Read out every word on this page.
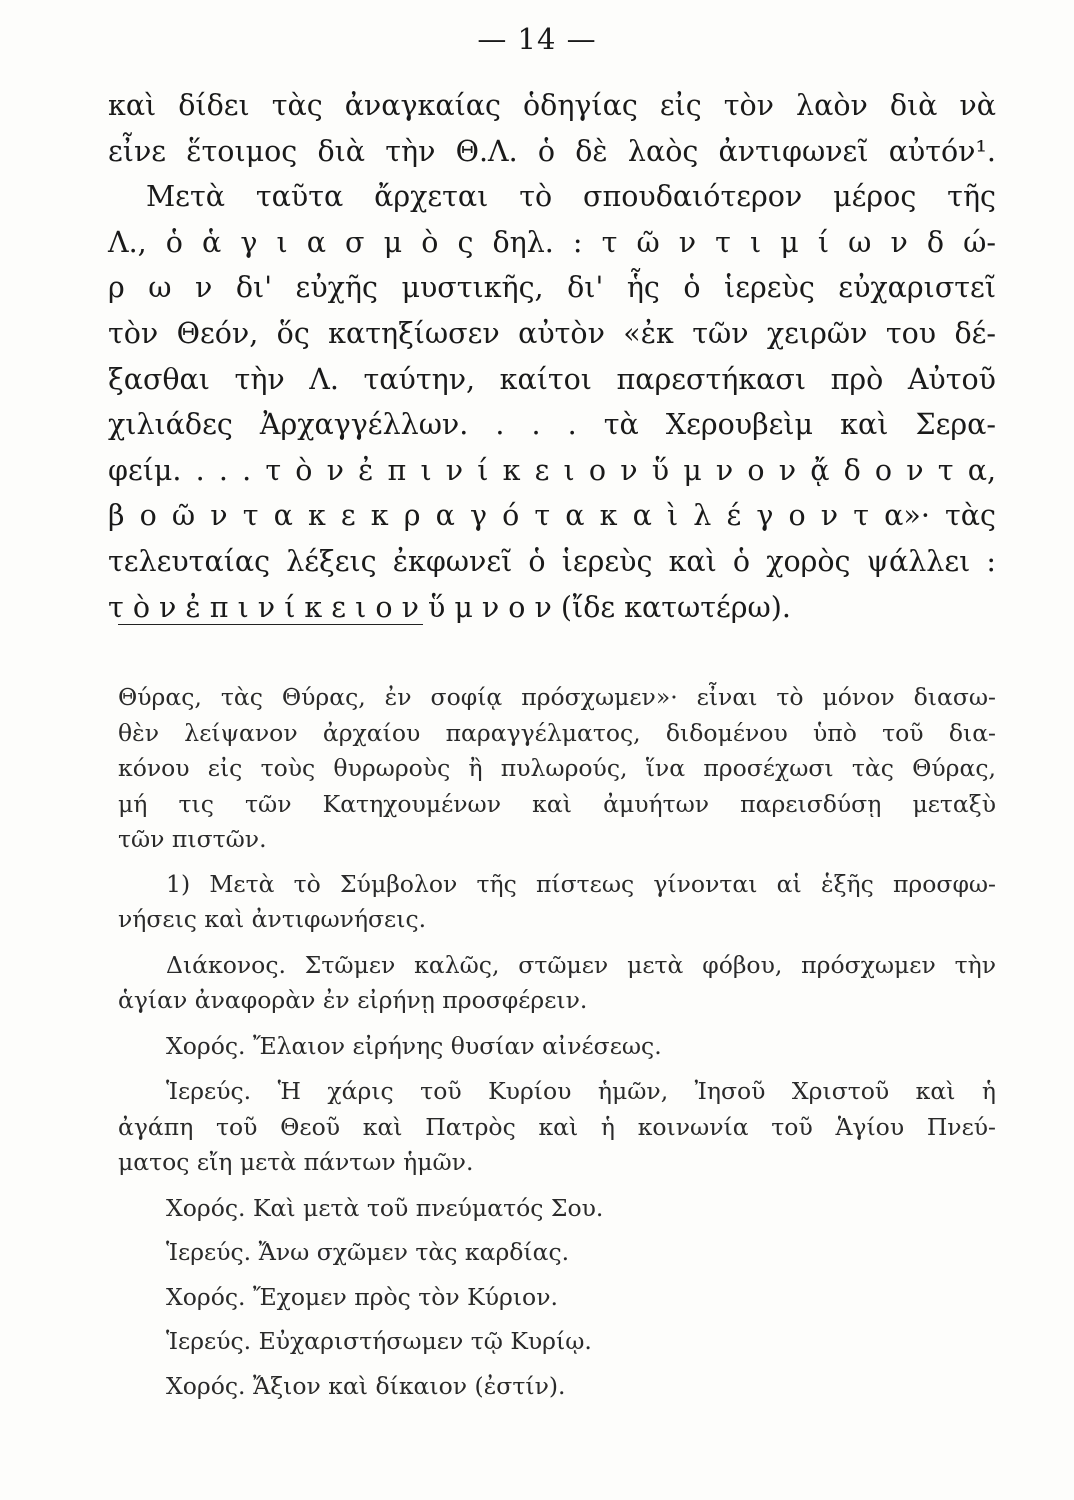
— 14 —
καὶ δίδει τὰς ἀναγκαίας ὁδηγίας εἰς τὸν λαὸν διὰ νὰ
εἶνε ἕτοιμος διὰ τὴν Θ.Λ. ὁ δὲ λαὸς ἀντιφωνεῖ αὐτόν¹.
Μετὰ ταῦτα ἄρχεται τὸ σπουδαιότερον μέρος τῆς
Λ., ὁ ἁ γ ι α σ μ ὸ ς δηλ. : τ ῶ ν τ ι μ ί ω ν δ ώ-
ρ ω ν δι' εὐχῆς μυστικῆς, δι' ἧς ὁ ἱερεὺς εὐχαριστεῖ
τὸν Θεόν, ὅς κατηξίωσεν αὐτὸν «ἐκ τῶν χειρῶν του δέ-
ξασθαι τὴν Λ. ταύτην, καίτοι παρεστήκασι πρὸ Αὐτοῦ
χιλιάδες Ἀρχαγγέλλων. . . . τὰ Χερουβεὶμ καὶ Σερα-
φείμ. . . . τ ὸ ν ἐ π ι ν ί κ ε ι ο ν ὕ μ ν ο ν ᾄ δ ο ν τ α,
β ο ῶ ν τ α κ ε κ ρ α γ ό τ α κ α ὶ λ έ γ ο ν τ α»· τὰς
τελευταίας λέξεις ἐκφωνεῖ ὁ ἱερεὺς καὶ ὁ χορὸς ψάλλει :
τ ὸ ν ἐ π ι ν ί κ ε ι ο ν ὕ μ ν ο ν (ἴδε κατωτέρω).
Θύρας, τὰς Θύρας, ἐν σοφίᾳ πρόσχωμεν»· εἶναι τὸ μόνον διασω-
θὲν λείψανον ἀρχαίου παραγγέλματος, διδομένου ὑπὸ τοῦ δια-
κόνου εἰς τοὺς θυρωροὺς ἢ πυλωρούς, ἵνα προσέχωσι τὰς Θύρας,
μή τις τῶν Κατηχουμένων καὶ ἀμυήτων παρεισδύσῃ μεταξὺ
τῶν πιστῶν.
1) Μετὰ τὸ Σύμβολον τῆς πίστεως γίνονται αἱ ἑξῆς προσφω-
νήσεις καὶ ἀντιφωνήσεις.
Διάκονος. Στῶμεν καλῶς, στῶμεν μετὰ φόβου, πρόσχωμεν τὴν
ἁγίαν ἀναφορὰν ἐν εἰρήνῃ προσφέρειν.
Χορός. Ἔλαιον εἰρήνης θυσίαν αἰνέσεως.
Ἱερεύς. Ἡ χάρις τοῦ Κυρίου ἡμῶν, Ἰησοῦ Χριστοῦ καὶ ἡ
ἀγάπη τοῦ Θεοῦ καὶ Πατρὸς καὶ ἡ κοινωνία τοῦ Ἁγίου Πνεύ-
ματος εἴη μετὰ πάντων ἡμῶν.
Χορός. Καὶ μετὰ τοῦ πνεύματός Σου.
Ἱερεύς. Ἄνω σχῶμεν τὰς καρδίας.
Χορός. Ἔχομεν πρὸς τὸν Κύριον.
Ἱερεύς. Εὐχαριστήσωμεν τῷ Κυρίῳ.
Χορός. Ἄξιον καὶ δίκαιον (ἐστίν).
